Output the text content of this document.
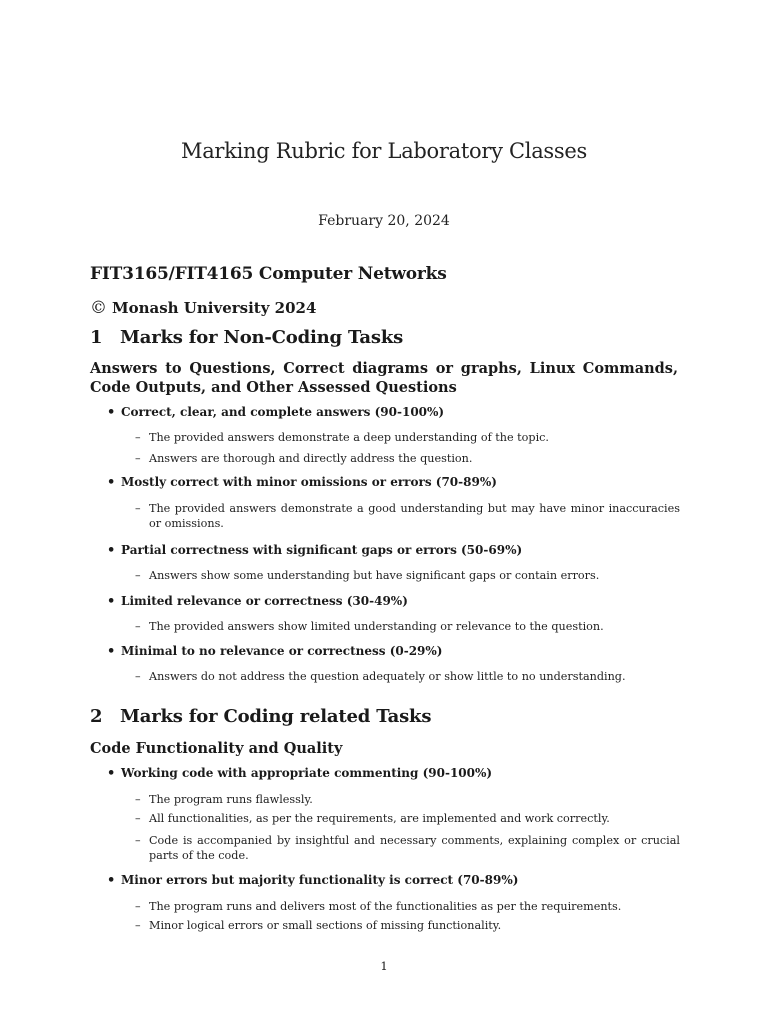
Marking Rubric for Laboratory Classes
February 20, 2024
FIT3165/FIT4165 Computer Networks
© Monash University 2024
1 Marks for Non-Coding Tasks
Answers to Questions, Correct diagrams or graphs, Linux Commands, Code Outputs, and Other Assessed Questions
• Correct, clear, and complete answers (90-100%)
– The provided answers demonstrate a deep understanding of the topic.
– Answers are thorough and directly address the question.
• Mostly correct with minor omissions or errors (70-89%)
– The provided answers demonstrate a good understanding but may have minor inaccuracies or omissions.
• Partial correctness with significant gaps or errors (50-69%)
– Answers show some understanding but have significant gaps or contain errors.
• Limited relevance or correctness (30-49%)
– The provided answers show limited understanding or relevance to the question.
• Minimal to no relevance or correctness (0-29%)
– Answers do not address the question adequately or show little to no understanding.
2 Marks for Coding related Tasks
Code Functionality and Quality
• Working code with appropriate commenting (90-100%)
– The program runs flawlessly.
– All functionalities, as per the requirements, are implemented and work correctly.
– Code is accompanied by insightful and necessary comments, explaining complex or crucial parts of the code.
• Minor errors but majority functionality is correct (70-89%)
– The program runs and delivers most of the functionalities as per the requirements.
– Minor logical errors or small sections of missing functionality.
1
